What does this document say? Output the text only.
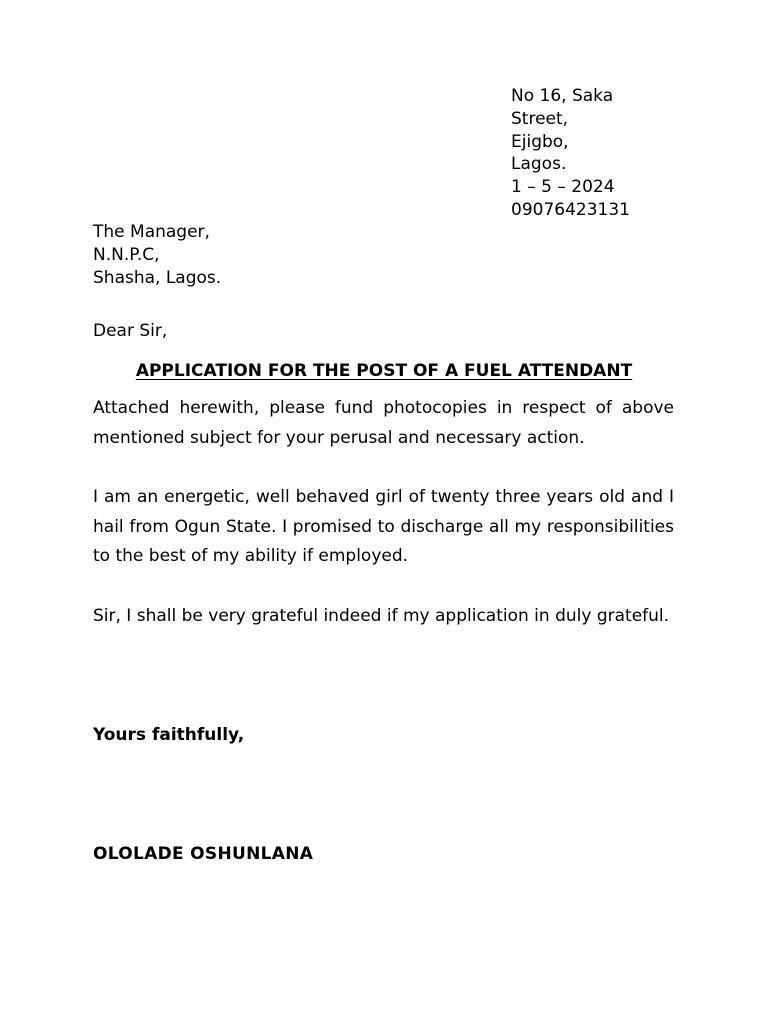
No 16, Saka
Street,
Ejigbo,
Lagos.
1 – 5 – 2024
09076423131
The Manager,
N.N.P.C,
Shasha, Lagos.
Dear Sir,
APPLICATION FOR THE POST OF A FUEL ATTENDANT

Attached herewith, please fund photocopies in respect of above mentioned subject for your perusal and necessary action.

I am an energetic, well behaved girl of twenty three years old and I hail from Ogun State. I promised to discharge all my responsibilities to the best of my ability if employed.

Sir, I shall be very grateful indeed if my application in duly grateful.

Yours faithfully,
OLOLADE OSHUNLANA
